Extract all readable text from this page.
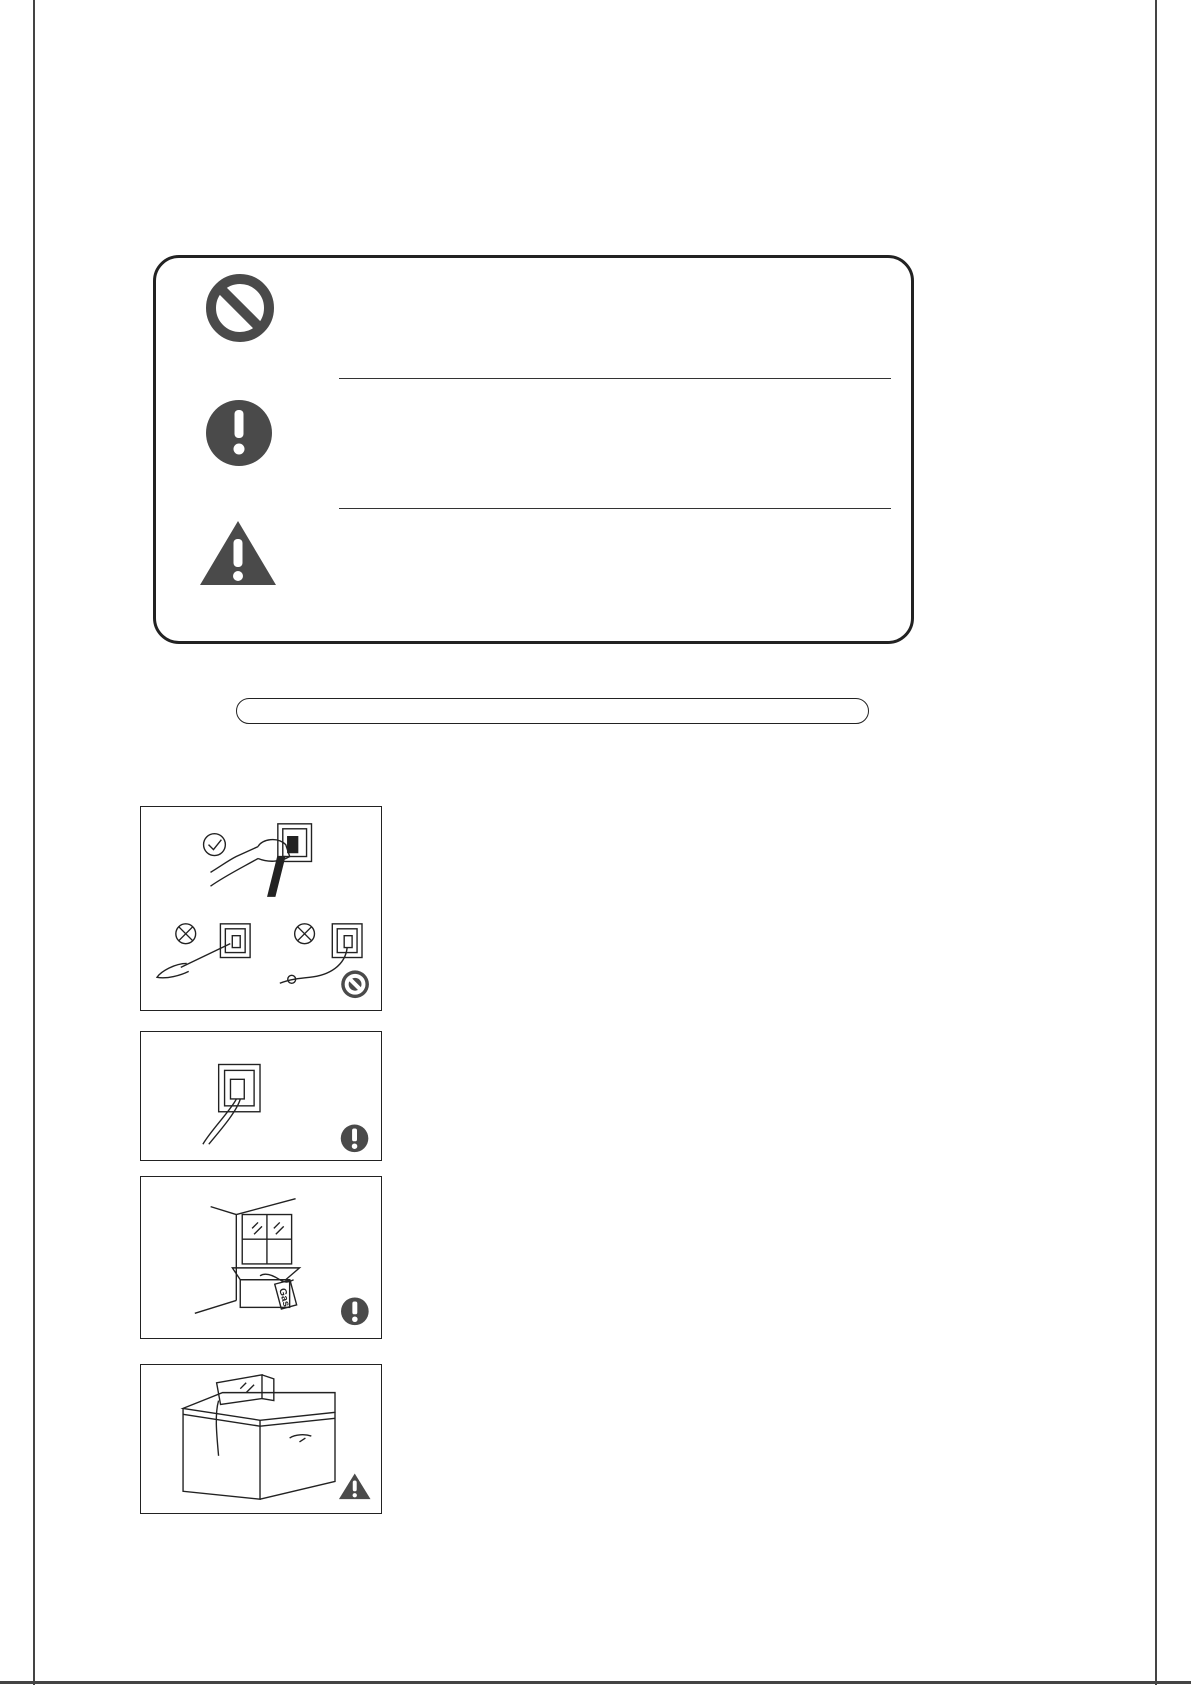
Gas
